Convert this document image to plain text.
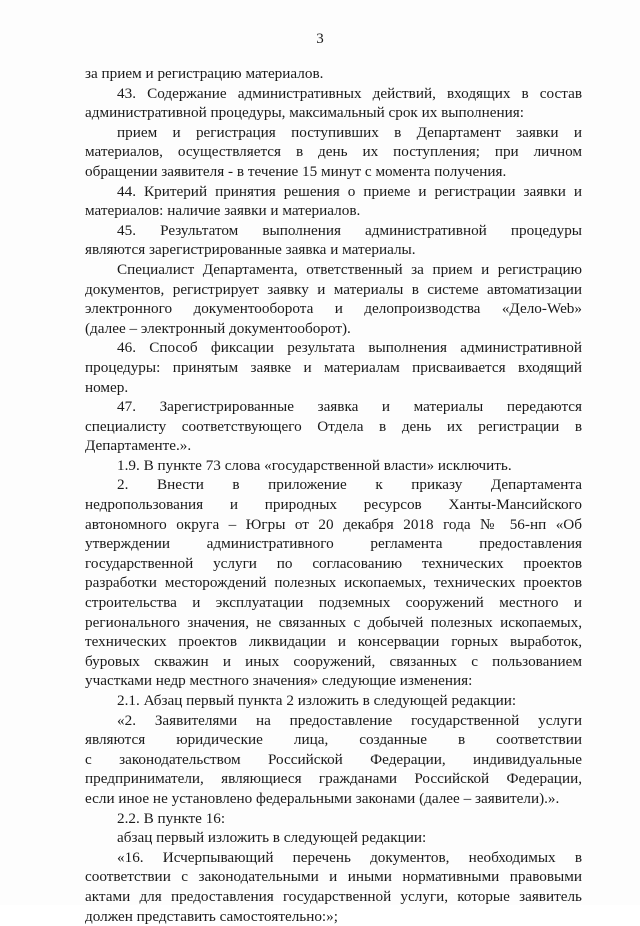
3
за прием и регистрацию материалов.
43. Содержание административных действий, входящих в состав
административной процедуры, максимальный срок их выполнения:
прием и регистрация поступивших в Департамент заявки и
материалов, осуществляется в день их поступления; при личном
обращении заявителя - в течение 15 минут с момента получения.
44. Критерий принятия решения о приеме и регистрации заявки и
материалов: наличие заявки и материалов.
45. Результатом выполнения административной процедуры
являются зарегистрированные заявка и материалы.
Специалист Департамента, ответственный за прием и регистрацию
документов, регистрирует заявку и материалы в системе автоматизации
электронного документооборота и делопроизводства «Дело-Web»
(далее – электронный документооборот).
46. Способ фиксации результата выполнения административной
процедуры: принятым заявке и материалам присваивается входящий
номер.
47. Зарегистрированные заявка и материалы передаются
специалисту соответствующего Отдела в день их регистрации в
Департаменте.».
1.9. В пункте 73 слова «государственной власти» исключить.
2. Внести в приложение к приказу Департамента
недропользования и природных ресурсов Ханты-Мансийского
автономного округа – Югры от 20 декабря 2018 года № 56-нп «Об
утверждении административного регламента предоставления
государственной услуги по согласованию технических проектов
разработки месторождений полезных ископаемых, технических проектов
строительства и эксплуатации подземных сооружений местного и
регионального значения, не связанных с добычей полезных ископаемых,
технических проектов ликвидации и консервации горных выработок,
буровых скважин и иных сооружений, связанных с пользованием
участками недр местного значения» следующие изменения:
2.1. Абзац первый пункта 2 изложить в следующей редакции:
«2. Заявителями на предоставление государственной услуги
являются юридические лица, созданные в соответствии
с законодательством Российской Федерации, индивидуальные
предприниматели, являющиеся гражданами Российской Федерации,
если иное не установлено федеральными законами (далее – заявители).».
2.2. В пункте 16:
абзац первый изложить в следующей редакции:
«16. Исчерпывающий перечень документов, необходимых в
соответствии с законодательными и иными нормативными правовыми
актами для предоставления государственной услуги, которые заявитель
должен представить самостоятельно:»;
